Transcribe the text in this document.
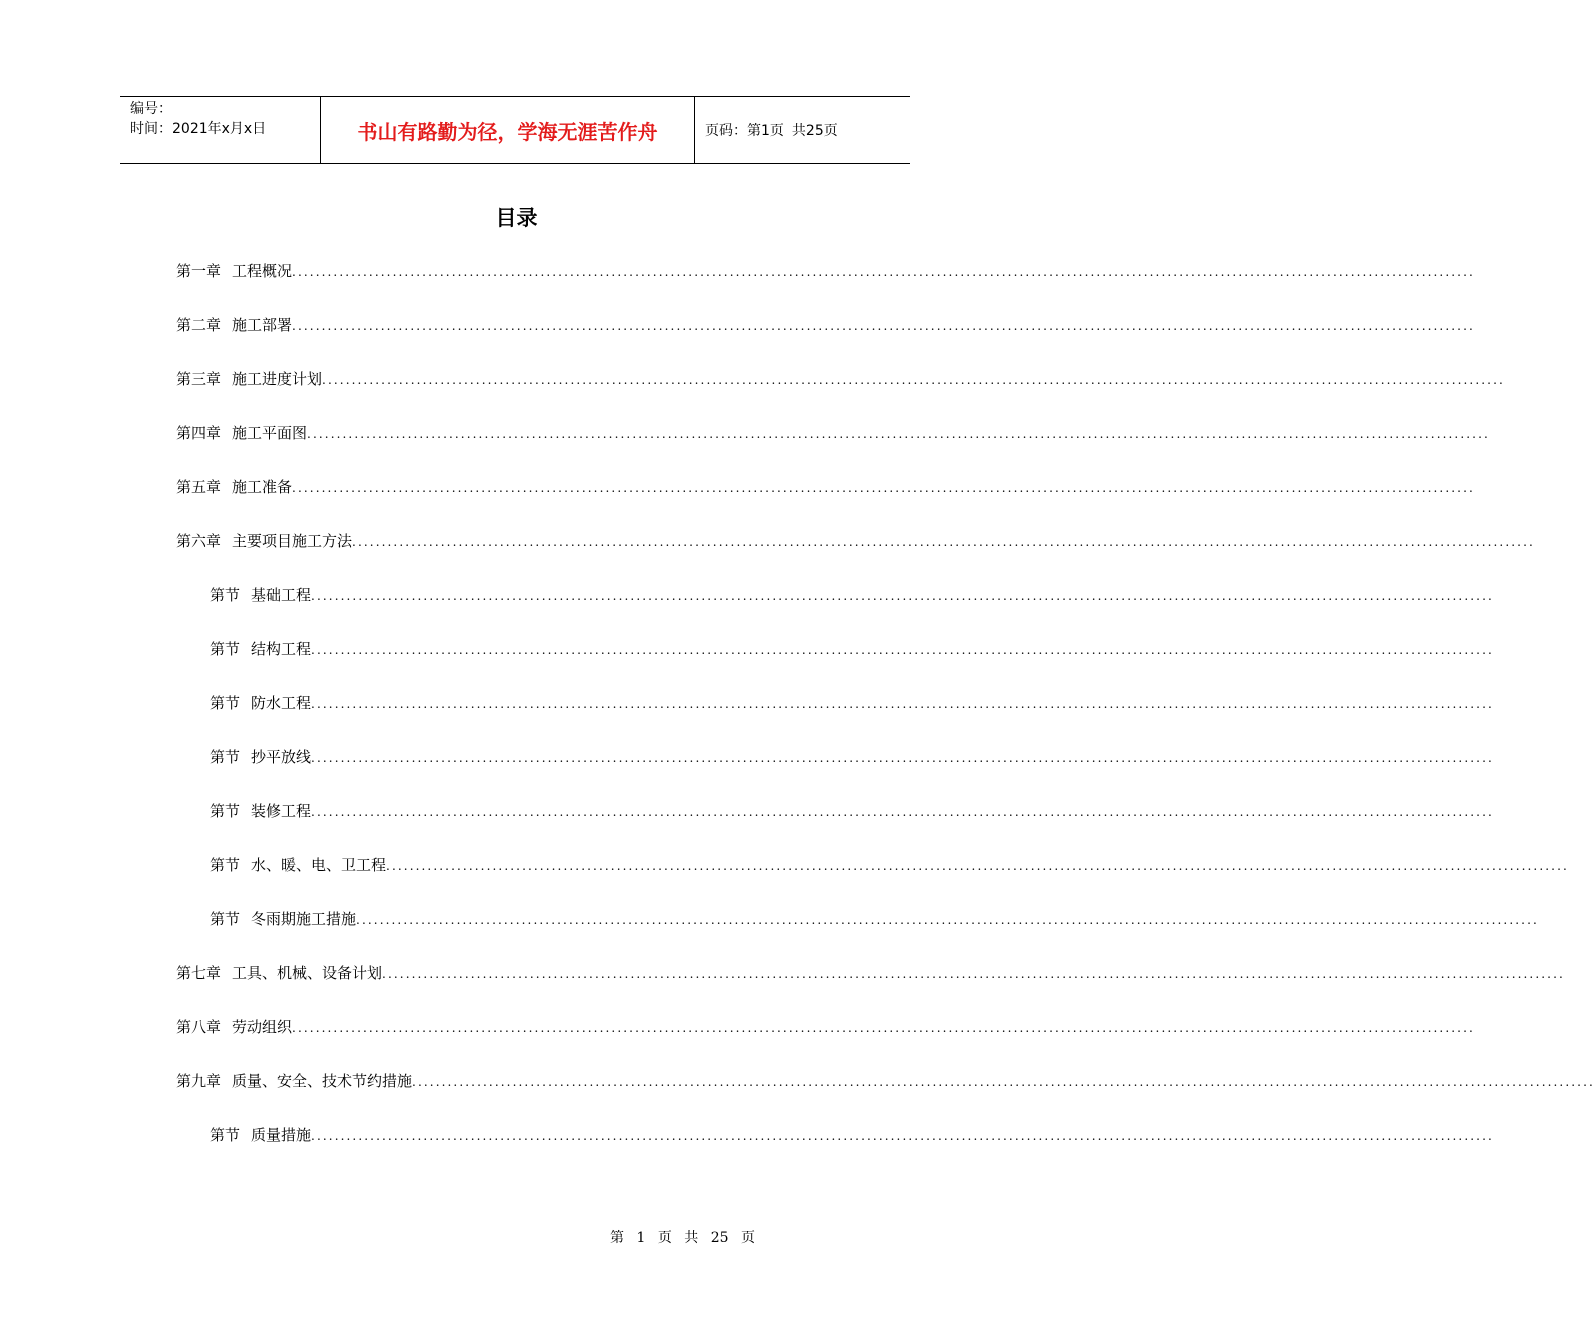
编号：
时间：2021年x月x日	书山有路勤为径，学海无涯苦作舟	页码：第1页 共25页
目录
第一章 工程概况 ........................................................................................................................................................................................................
第二章 施工部署 ........................................................................................................................................................................................................
第三章 施工进度计划 ........................................................................................................................................................................................................
第四章 施工平面图 ........................................................................................................................................................................................................
第五章 施工准备 ........................................................................................................................................................................................................
第六章 主要项目施工方法 ........................................................................................................................................................................................................
第节 基础工程 ........................................................................................................................................................................................................
第节 结构工程 ........................................................................................................................................................................................................
第节 防水工程 ........................................................................................................................................................................................................
第节 抄平放线 ........................................................................................................................................................................................................
第节 装修工程 ........................................................................................................................................................................................................
第节 水、暖、电、卫工程 ........................................................................................................................................................................................................
第节 冬雨期施工措施 ........................................................................................................................................................................................................
第七章 工具、机械、设备计划 ........................................................................................................................................................................................................
第八章 劳动组织 ........................................................................................................................................................................................................
第九章 质量、安全、技术节约措施 ........................................................................................................................................................................................................
第节 质量措施 ........................................................................................................................................................................................................
第 1 页 共 25 页
